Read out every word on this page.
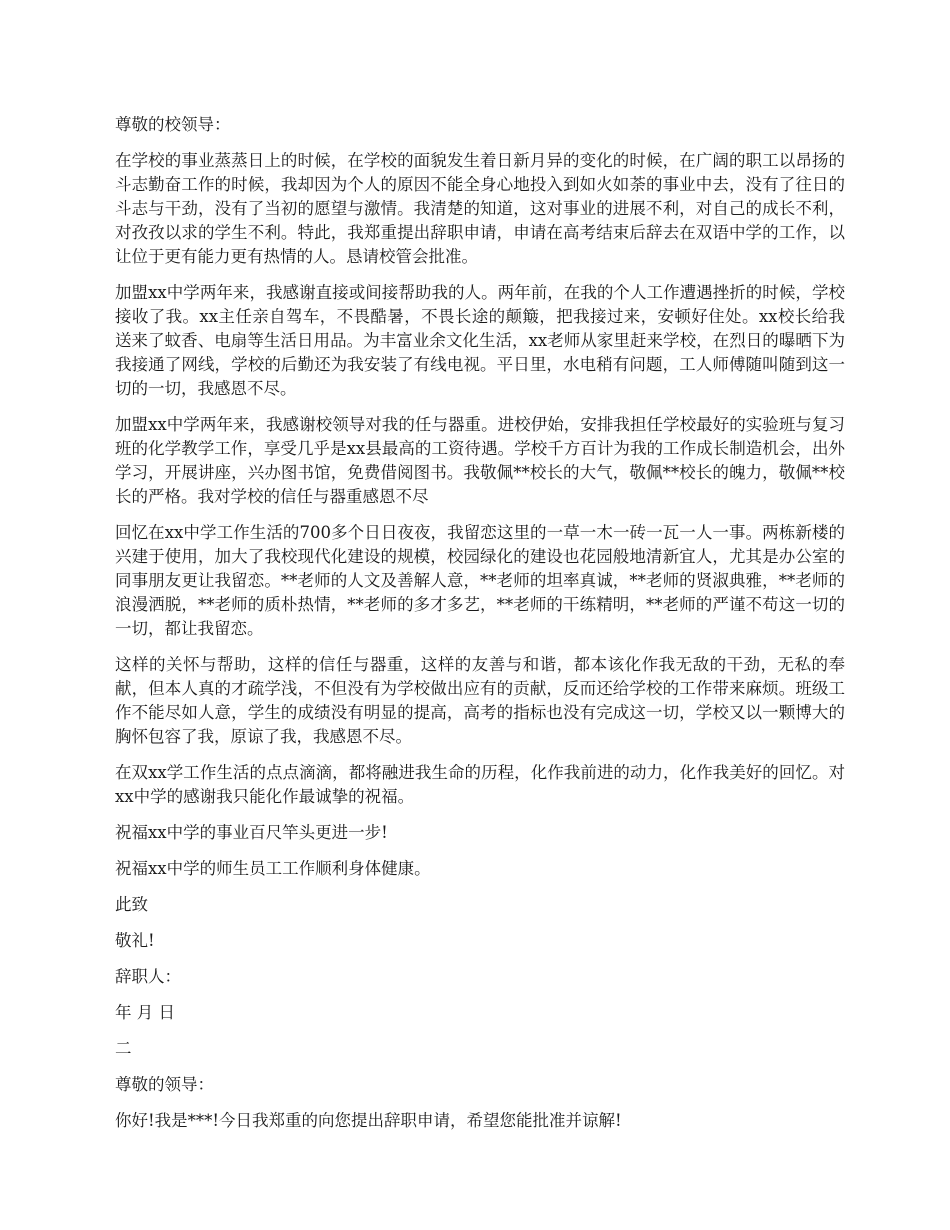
尊敬的校领导：

在学校的事业蒸蒸日上的时候，在学校的面貌发生着日新月异的变化的时候，在广阔的职工以昂扬的斗志勤奋工作的时候，我却因为个人的原因不能全身心地投入到如火如荼的事业中去，没有了往日的斗志与干劲，没有了当初的愿望与激情。我清楚的知道，这对事业的进展不利，对自己的成长不利，对孜孜以求的学生不利。特此，我郑重提出辞职申请，申请在高考结束后辞去在双语中学的工作，以让位于更有能力更有热情的人。恳请校管会批准。

加盟xx中学两年来，我感谢直接或间接帮助我的人。两年前，在我的个人工作遭遇挫折的时候，学校接收了我。xx主任亲自驾车，不畏酷暑，不畏长途的颠簸，把我接过来，安顿好住处。xx校长给我送来了蚊香、电扇等生活日用品。为丰富业余文化生活，xx老师从家里赶来学校，在烈日的曝晒下为我接通了网线，学校的后勤还为我安装了有线电视。平日里，水电稍有问题，工人师傅随叫随到这一切的一切，我感恩不尽。

加盟xx中学两年来，我感谢校领导对我的任与器重。进校伊始，安排我担任学校最好的实验班与复习班的化学教学工作，享受几乎是xx县最高的工资待遇。学校千方百计为我的工作成长制造机会，出外学习，开展讲座，兴办图书馆，免费借阅图书。我敬佩**校长的大气，敬佩**校长的魄力，敬佩**校长的严格。我对学校的信任与器重感恩不尽

回忆在xx中学工作生活的700多个日日夜夜，我留恋这里的一草一木一砖一瓦一人一事。两栋新楼的兴建于使用，加大了我校现代化建设的规模，校园绿化的建设也花园般地清新宜人，尤其是办公室的同事朋友更让我留恋。**老师的人文及善解人意，**老师的坦率真诚，**老师的贤淑典雅，**老师的浪漫洒脱，**老师的质朴热情，**老师的多才多艺，**老师的干练精明，**老师的严谨不苟这一切的一切，都让我留恋。

这样的关怀与帮助，这样的信任与器重，这样的友善与和谐，都本该化作我无敌的干劲，无私的奉献，但本人真的才疏学浅，不但没有为学校做出应有的贡献，反而还给学校的工作带来麻烦。班级工作不能尽如人意，学生的成绩没有明显的提高，高考的指标也没有完成这一切，学校又以一颗博大的胸怀包容了我，原谅了我，我感恩不尽。

在双xx学工作生活的点点滴滴，都将融进我生命的历程，化作我前进的动力，化作我美好的回忆。对xx中学的感谢我只能化作最诚挚的祝福。

祝福xx中学的事业百尺竿头更进一步!

祝福xx中学的师生员工工作顺利身体健康。

此致

敬礼!

辞职人：

年 月 日

二

尊敬的领导：

你好!我是***!今日我郑重的向您提出辞职申请，希望您能批准并谅解!
